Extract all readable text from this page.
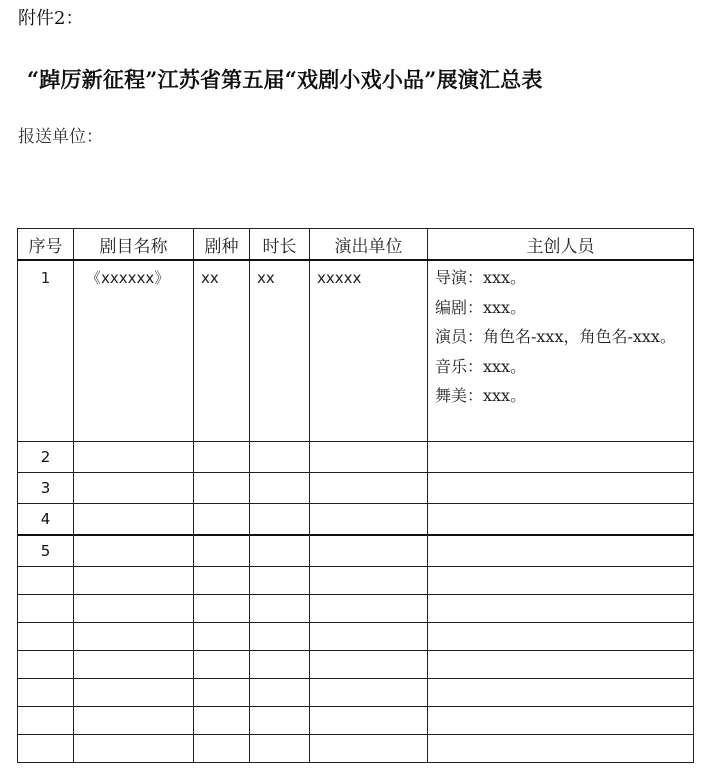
附件2：
“踔厉新征程”江苏省第五届“戏剧小戏小品”展演汇总表
报送单位：
序号	剧目名称	剧种	时长	演出单位	主创人员

1	《xxxxxx》	xx	xx	xxxxx	导演：xxx。
编剧：xxx。
演员：角色名-xxx，角色名-xxx。
音乐：xxx。
舞美：xxx。

2					
3					
4					
5					
